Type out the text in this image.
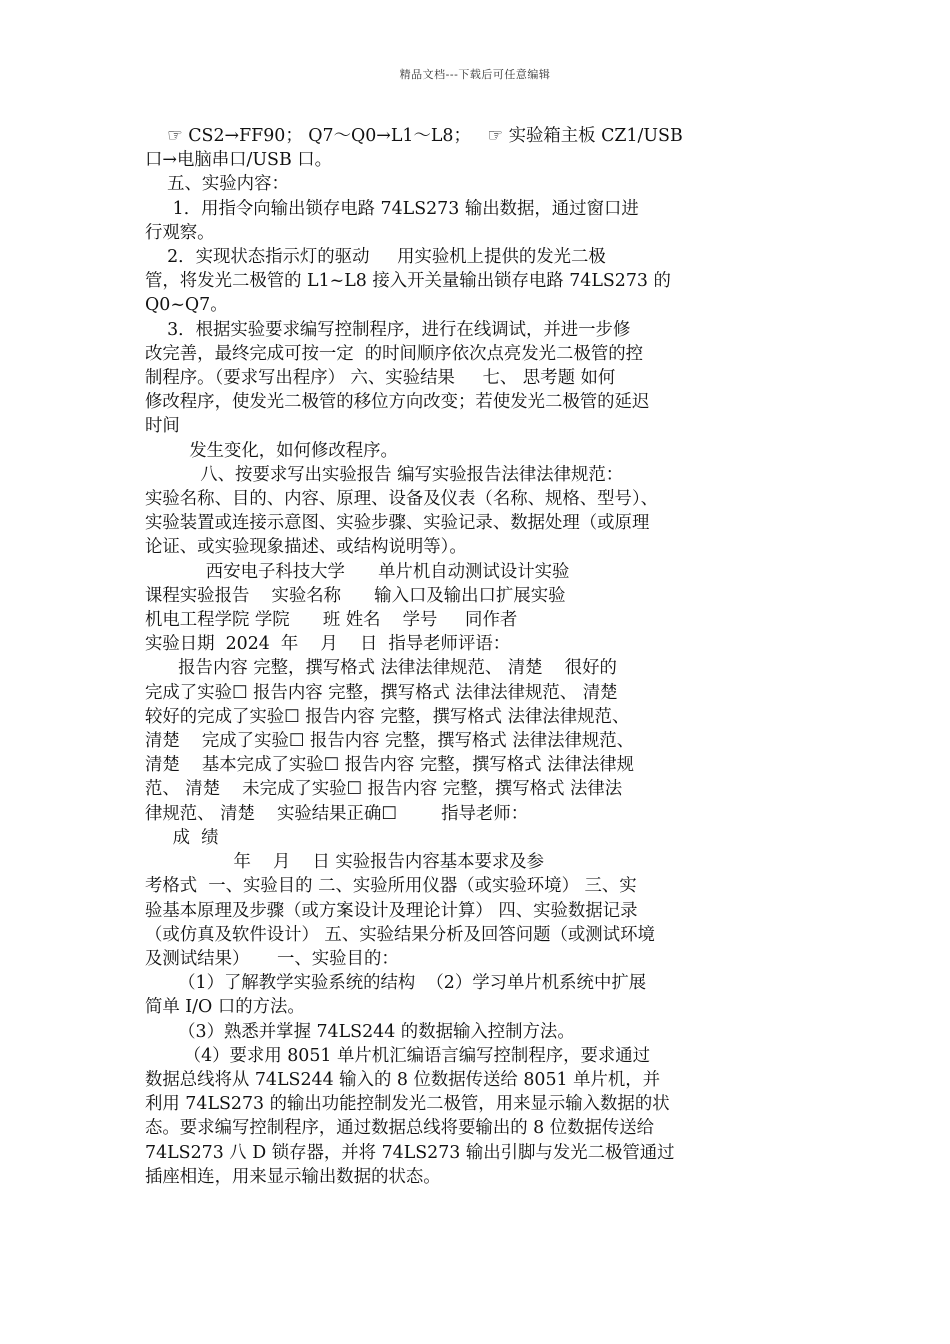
精品文档---下载后可任意编辑

☞ CS2→FF90； Q7～Q0→L1～L8；   ☞ 实验箱主板 CZ1/USB

口→电脑串口/USB 口。

五、实验内容：

1．用指令向输出锁存电路 74LS273 输出数据，通过窗口进

行观察。

2．实现状态指示灯的驱动     用实验机上提供的发光二极

管，将发光二极管的 L1~L8 接入开关量输出锁存电路 74LS273 的

Q0~Q7。

3．根据实验要求编写控制程序，进行在线调试，并进一步修

改完善，最终完成可按一定  的时间顺序依次点亮发光二极管的控

制程序。（要求写出程序） 六、实验结果     七、 思考题 如何

修改程序，使发光二极管的移位方向改变；若使发光二极管的延迟

时间

发生变化，如何修改程序。

八、按要求写出实验报告 编写实验报告法律法律规范：

实验名称、目的、内容、原理、设备及仪表（名称、规格、型号）、

实验装置或连接示意图、实验步骤、实验记录、数据处理（或原理

论证、或实验现象描述、或结构说明等）。

西安电子科技大学      单片机自动测试设计实验

课程实验报告    实验名称      输入口及输出口扩展实验

机电工程学院 学院      班 姓名    学号     同作者

实验日期  2024  年    月    日  指导老师评语：

报告内容 完整，撰写格式 法律法律规范、 清楚    很好的

完成了实验☐ 报告内容 完整，撰写格式 法律法律规范、 清楚

较好的完成了实验☐ 报告内容 完整，撰写格式 法律法律规范、

清楚    完成了实验☐ 报告内容 完整，撰写格式 法律法律规范、

清楚    基本完成了实验☐ 报告内容 完整，撰写格式 法律法律规

范、 清楚    未完成了实验☐ 报告内容 完整，撰写格式 法律法

律规范、 清楚    实验结果正确☐        指导老师：

成  绩

年    月    日 实验报告内容基本要求及参

考格式  一、实验目的 二、实验所用仪器（或实验环境） 三、实

验基本原理及步骤（或方案设计及理论计算） 四、实验数据记录

（或仿真及软件设计） 五、实验结果分析及回答问题（或测试环境

及测试结果）     一、实验目的：

（1）了解教学实验系统的结构  （2）学习单片机系统中扩展

简单 I/O 口的方法。

（3）熟悉并掌握 74LS244 的数据输入控制方法。

（4）要求用 8051 单片机汇编语言编写控制程序，要求通过

数据总线将从 74LS244 输入的 8 位数据传送给 8051 单片机，并

利用 74LS273 的输出功能控制发光二极管，用来显示输入数据的状

态。要求编写控制程序，通过数据总线将要输出的 8 位数据传送给

74LS273 八 D 锁存器，并将 74LS273 输出引脚与发光二极管通过

插座相连，用来显示输出数据的状态。
